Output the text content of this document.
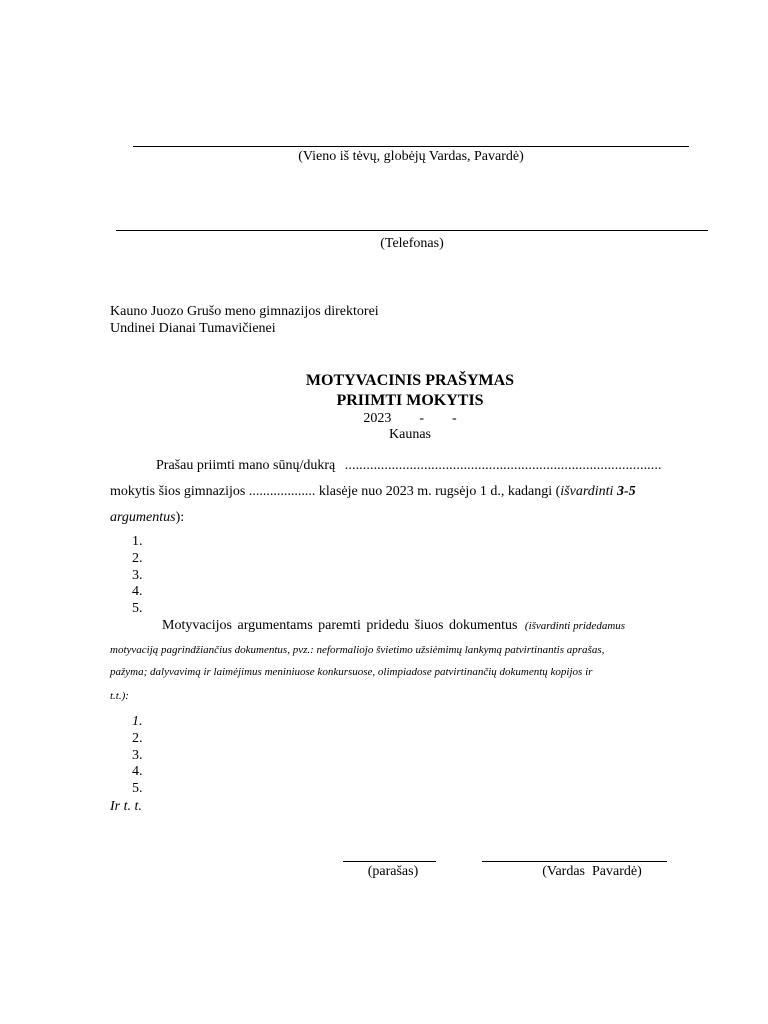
(Vieno iš tėvų, globėjų Vardas, Pavardė)
(Telefonas)
Kauno Juozo Grušo meno gimnazijos direktorei
Undinei Dianai Tumavičienei
MOTYVACINIS PRAŠYMAS
PRIIMTI MOKYTIS
2023        -        -
Kaunas
Prašau priimti mano sūnų/dukrą ........................................................................................
mokytis šios gimnazijos ................... klasėje nuo 2023 m. rugsėjo 1 d., kadangi (išvardinti 3-5
argumentus):
1.
2.
3.
4.
5.
Motyvacijos argumentams paremti pridedu šiuos dokumentus (išvardinti pridedamus
motyvaciją pagrindžiančius dokumentus, pvz.: neformaliojo švietimo užsiėmimų lankymą patvirtinantis aprašas,
pažyma; dalyvavimą ir laimėjimus meniniuose konkursuose, olimpiadose patvirtinančių dokumentų kopijos ir
t.t.):
1.
2.
3.
4.
5.
Ir t. t.
(parašas)	(Vardas  Pavardė)
